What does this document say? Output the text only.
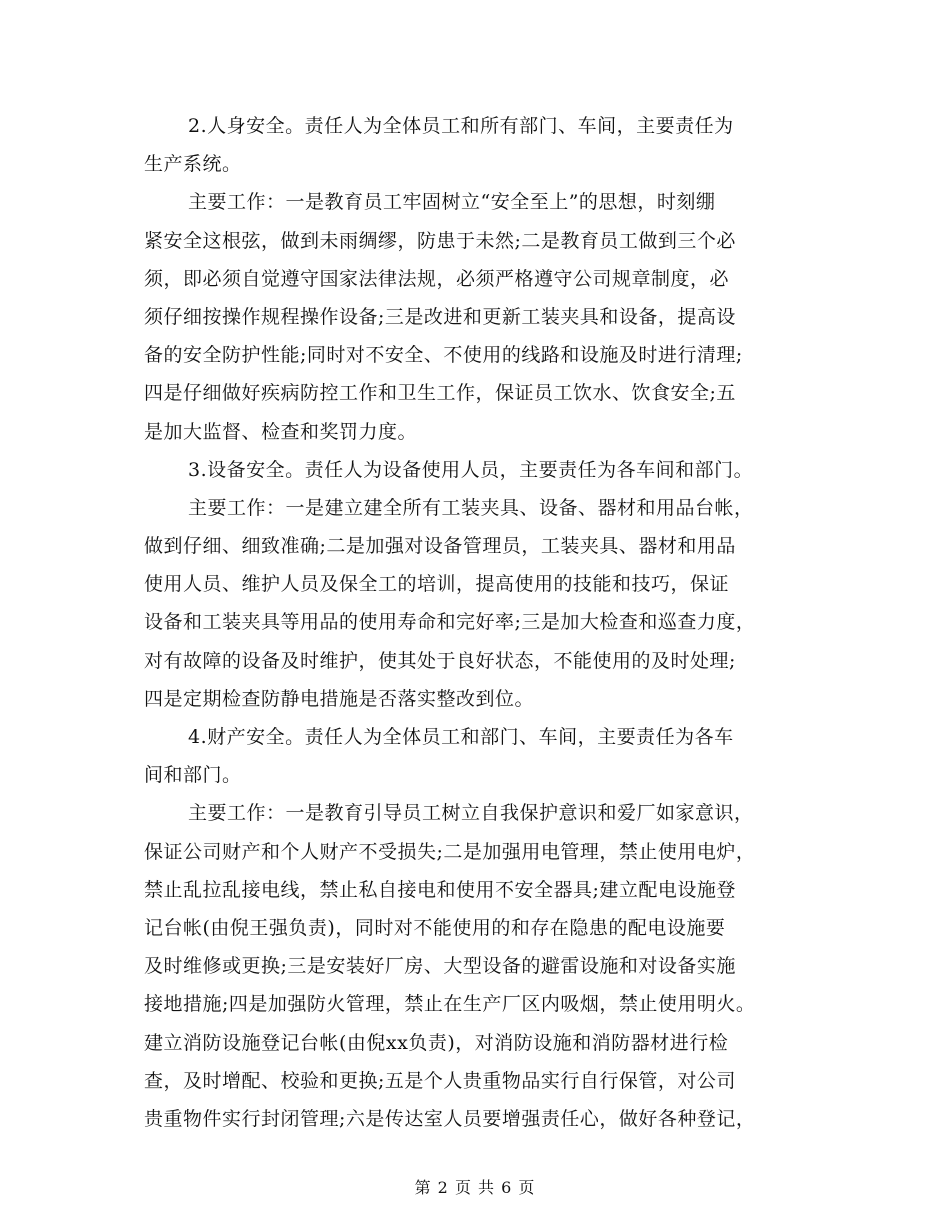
2.人身安全。责任人为全体员工和所有部门、车间，主要责任为
生产系统。
主要工作：一是教育员工牢固树立“安全至上”的思想，时刻绷
紧安全这根弦，做到未雨绸缪，防患于未然;二是教育员工做到三个必
须，即必须自觉遵守国家法律法规，必须严格遵守公司规章制度，必
须仔细按操作规程操作设备;三是改进和更新工装夹具和设备，提高设
备的安全防护性能;同时对不安全、不使用的线路和设施及时进行清理;
四是仔细做好疾病防控工作和卫生工作，保证员工饮水、饮食安全;五
是加大监督、检查和奖罚力度。
3.设备安全。责任人为设备使用人员，主要责任为各车间和部门。
主要工作：一是建立建全所有工装夹具、设备、器材和用品台帐，
做到仔细、细致准确;二是加强对设备管理员，工装夹具、器材和用品
使用人员、维护人员及保全工的培训，提高使用的技能和技巧，保证
设备和工装夹具等用品的使用寿命和完好率;三是加大检查和巡查力度，
对有故障的设备及时维护，使其处于良好状态，不能使用的及时处理;
四是定期检查防静电措施是否落实整改到位。
4.财产安全。责任人为全体员工和部门、车间，主要责任为各车
间和部门。
主要工作：一是教育引导员工树立自我保护意识和爱厂如家意识，
保证公司财产和个人财产不受损失;二是加强用电管理，禁止使用电炉，
禁止乱拉乱接电线，禁止私自接电和使用不安全器具;建立配电设施登
记台帐(由倪王强负责)，同时对不能使用的和存在隐患的配电设施要
及时维修或更换;三是安装好厂房、大型设备的避雷设施和对设备实施
接地措施;四是加强防火管理，禁止在生产厂区内吸烟，禁止使用明火。
建立消防设施登记台帐(由倪xx负责)，对消防设施和消防器材进行检
查，及时增配、校验和更换;五是个人贵重物品实行自行保管，对公司
贵重物件实行封闭管理;六是传达室人员要增强责任心，做好各种登记，
第 2 页 共 6 页
